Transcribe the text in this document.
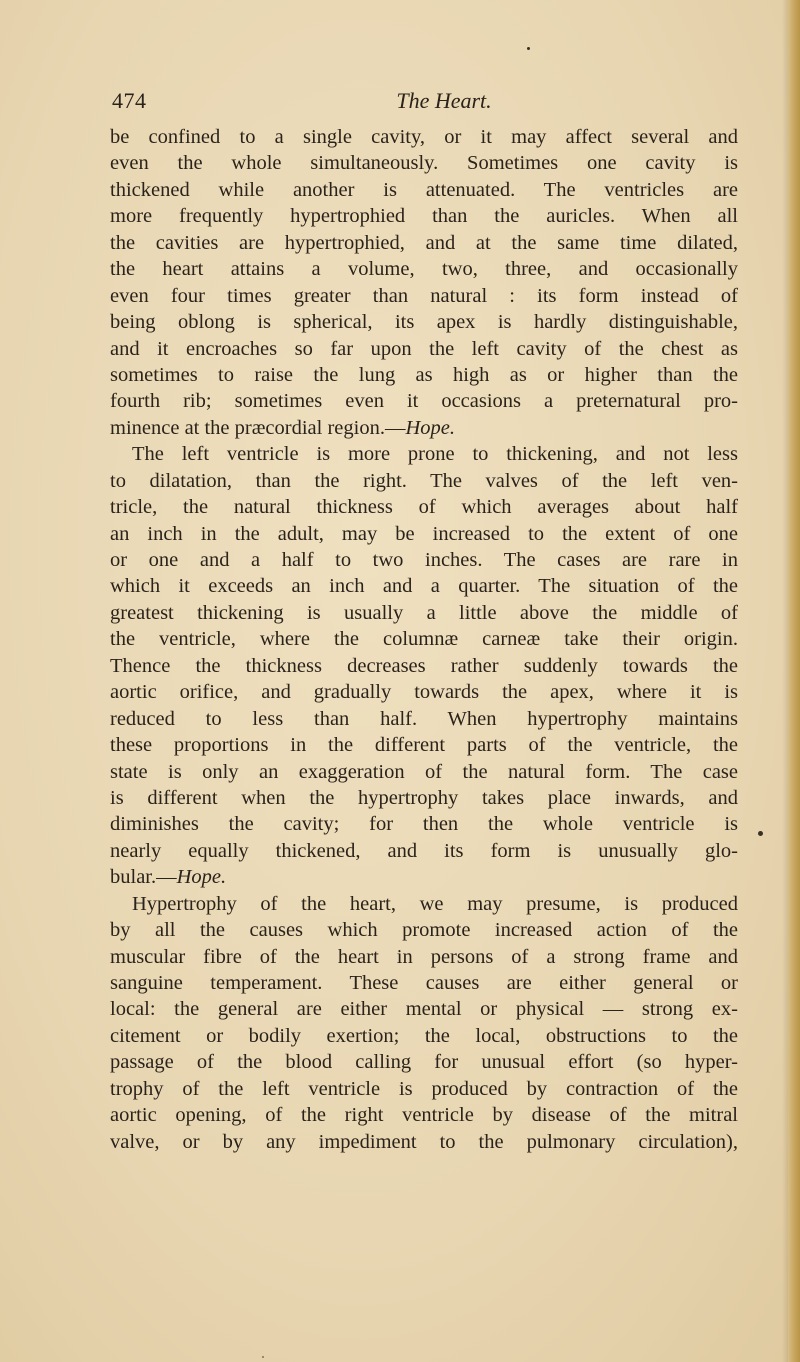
474	The Heart.
be confined to a single cavity, or it may affect several and
even the whole simultaneously. Sometimes one cavity is
thickened while another is attenuated. The ventricles are
more frequently hypertrophied than the auricles. When all
the cavities are hypertrophied, and at the same time dilated,
the heart attains a volume, two, three, and occasionally
even four times greater than natural : its form instead of
being oblong is spherical, its apex is hardly distinguishable,
and it encroaches so far upon the left cavity of the chest as
sometimes to raise the lung as high as or higher than the
fourth rib; sometimes even it occasions a preternatural pro-
minence at the præcordial region.—Hope.
The left ventricle is more prone to thickening, and not less
to dilatation, than the right. The valves of the left ven-
tricle, the natural thickness of which averages about half
an inch in the adult, may be increased to the extent of one
or one and a half to two inches. The cases are rare in
which it exceeds an inch and a quarter. The situation of the
greatest thickening is usually a little above the middle of
the ventricle, where the columnæ carneæ take their origin.
Thence the thickness decreases rather suddenly towards the
aortic orifice, and gradually towards the apex, where it is
reduced to less than half. When hypertrophy maintains
these proportions in the different parts of the ventricle, the
state is only an exaggeration of the natural form. The case
is different when the hypertrophy takes place inwards, and
diminishes the cavity; for then the whole ventricle is
nearly equally thickened, and its form is unusually glo-
bular.—Hope.
Hypertrophy of the heart, we may presume, is produced
by all the causes which promote increased action of the
muscular fibre of the heart in persons of a strong frame and
sanguine temperament. These causes are either general or
local: the general are either mental or physical — strong ex-
citement or bodily exertion; the local, obstructions to the
passage of the blood calling for unusual effort (so hyper-
trophy of the left ventricle is produced by contraction of the
aortic opening, of the right ventricle by disease of the mitral
valve, or by any impediment to the pulmonary circulation),
